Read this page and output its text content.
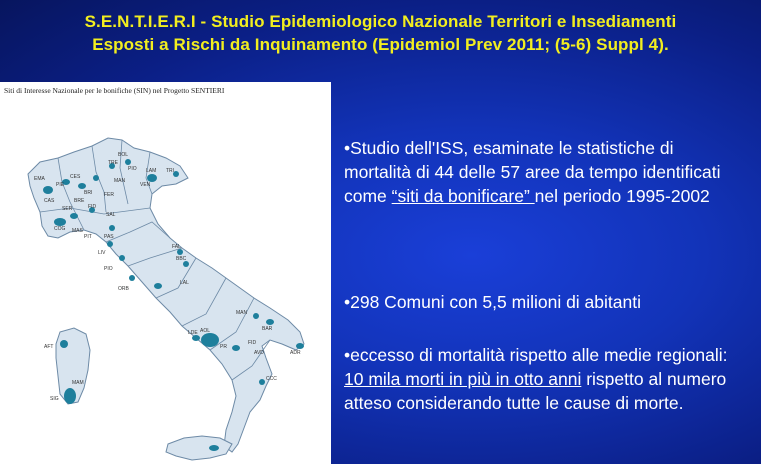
S.E.N.T.I.E.R.I - Studio Epidemiologico Nazionale Territori e Insediamenti
Esposti a Rischi da Inquinamento (Epidemiol Prev 2011; (5-6) Suppl 4).
Siti di Interesse Nazionale per le bonifiche (SIN) nel Progetto SENTIERI
BOL
TRE
PIO LAM
MAN
VEN
TRI
EMA	CES
PIE
BRI FER
CAS	BRE
SER	FID
SAL
COG MAS
PIT PAS
LIV
PIO
ORB
FAL
BBC
LAL
BAR
MAN
LDE AOL
FID
PR
AVD	ADR
CCC
AFT
SIG
MAM

•Studio dell'ISS, esaminate le statistiche di mortalità di 44 delle 57 aree da tempo identificati come “siti da bonificare” nel periodo 1995-2002

•298 Comuni con 5,5 milioni di abitanti

•eccesso di mortalità rispetto alle medie regionali: 10 mila morti in più in otto anni rispetto al numero atteso considerando tutte le cause di morte.
